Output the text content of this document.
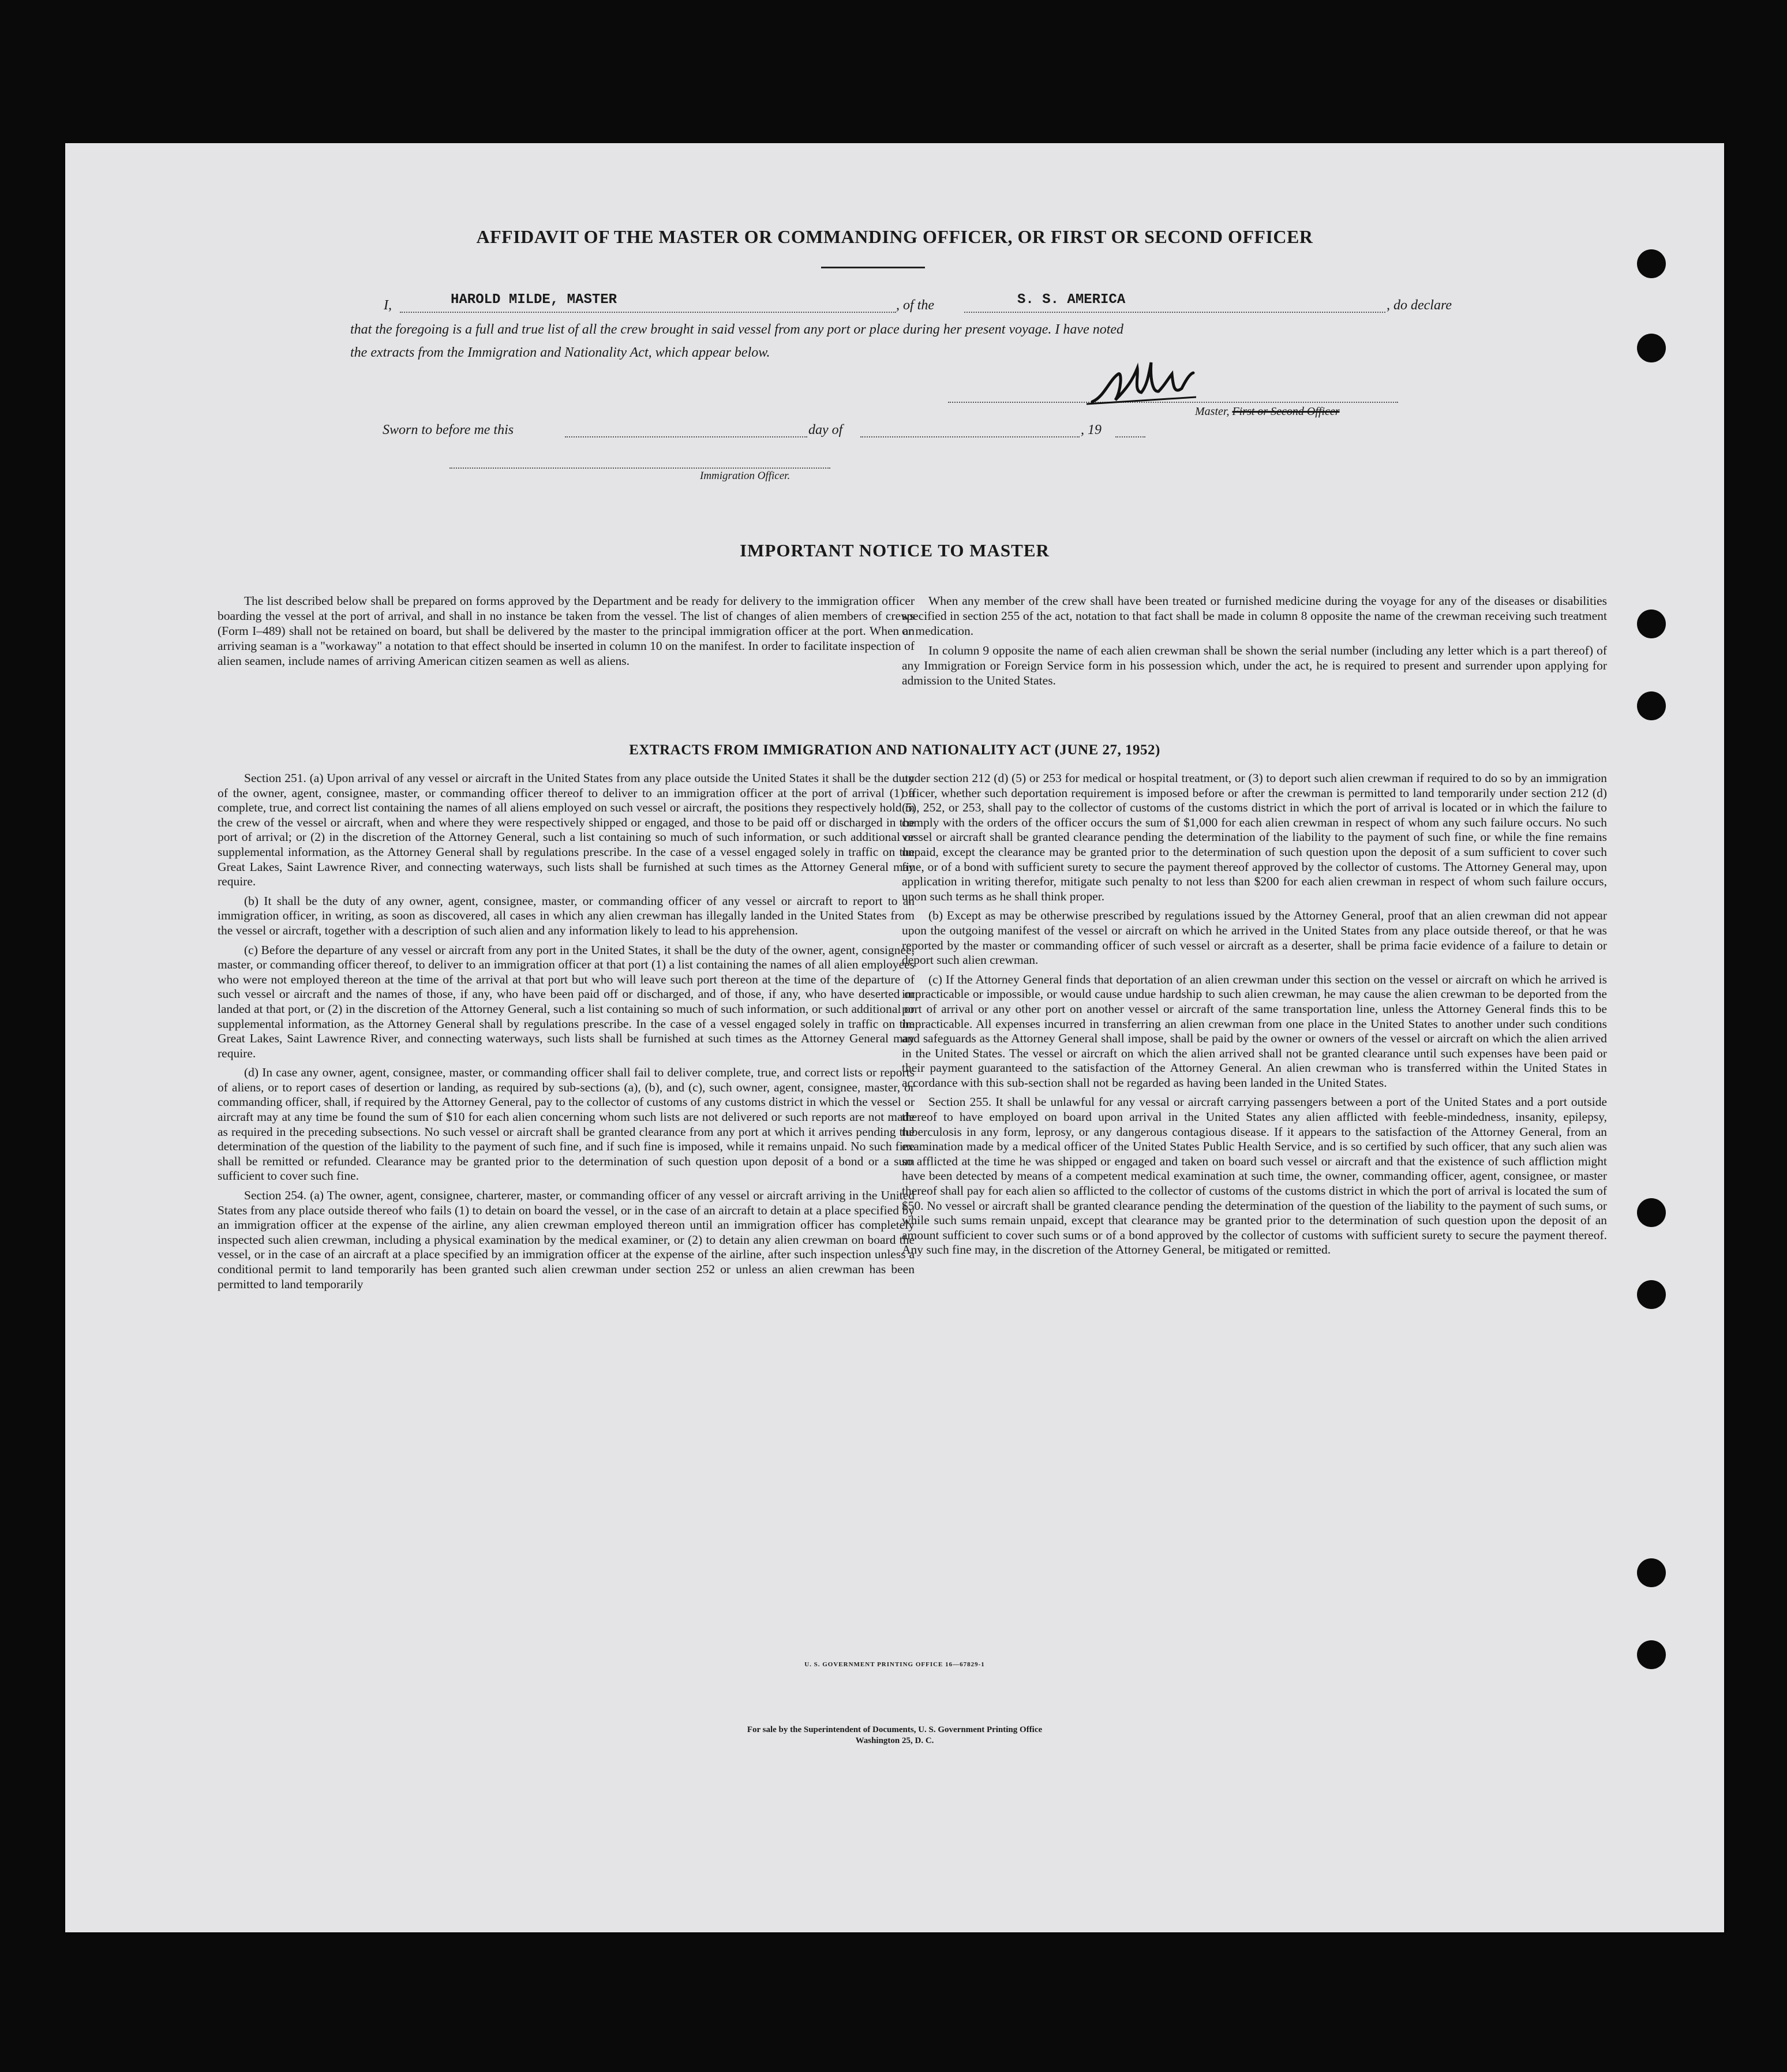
AFFIDAVIT OF THE MASTER OR COMMANDING OFFICER, OR FIRST OR SECOND OFFICER
I,	HAROLD MILDE, MASTER	, of the	S. S. AMERICA	, do declare
that the foregoing is a full and true list of all the crew brought in said vessel from any port or place during her present voyage. I have noted
the extracts from the Immigration and Nationality Act, which appear below.
Master, First or Second Officer
Sworn to before me this	day of	, 19
Immigration Officer.
IMPORTANT NOTICE TO MASTER

The list described below shall be prepared on forms approved by the Department and be ready for delivery to the immigration officer boarding the vessel at the port of arrival, and shall in no instance be taken from the vessel. The list of changes of alien members of crews (Form I–489) shall not be retained on board, but shall be delivered by the master to the principal immigration officer at the port. When an arriving seaman is a "workaway" a notation to that effect should be inserted in column 10 on the manifest. In order to facilitate inspection of alien seamen, include names of arriving American citizen seamen as well as aliens.

When any member of the crew shall have been treated or furnished medicine during the voyage for any of the diseases or disabilities specified in section 255 of the act, notation to that fact shall be made in column 8 opposite the name of the crewman receiving such treatment or medication.

In column 9 opposite the name of each alien crewman shall be shown the serial number (including any letter which is a part thereof) of any Immigration or Foreign Service form in his possession which, under the act, he is required to present and surrender upon applying for admission to the United States.

EXTRACTS FROM IMMIGRATION AND NATIONALITY ACT (JUNE 27, 1952)

Section 251. (a) Upon arrival of any vessel or aircraft in the United States from any place outside the United States it shall be the duty of the owner, agent, consignee, master, or commanding officer thereof to deliver to an immigration officer at the port of arrival (1) a complete, true, and correct list containing the names of all aliens employed on such vessel or aircraft, the positions they respectively hold in the crew of the vessel or aircraft, when and where they were respectively shipped or engaged, and those to be paid off or discharged in the port of arrival; or (2) in the discretion of the Attorney General, such a list containing so much of such information, or such additional or supplemental information, as the Attorney General shall by regulations prescribe. In the case of a vessel engaged solely in traffic on the Great Lakes, Saint Lawrence River, and connecting waterways, such lists shall be furnished at such times as the Attorney General may require.

(b) It shall be the duty of any owner, agent, consignee, master, or commanding officer of any vessel or aircraft to report to an immigration officer, in writing, as soon as discovered, all cases in which any alien crewman has illegally landed in the United States from the vessel or aircraft, together with a description of such alien and any information likely to lead to his apprehension.

(c) Before the departure of any vessel or aircraft from any port in the United States, it shall be the duty of the owner, agent, consignee, master, or commanding officer thereof, to deliver to an immigration officer at that port (1) a list containing the names of all alien employees who were not employed thereon at the time of the arrival at that port but who will leave such port thereon at the time of the departure of such vessel or aircraft and the names of those, if any, who have been paid off or discharged, and of those, if any, who have deserted or landed at that port, or (2) in the discretion of the Attorney General, such a list containing so much of such information, or such additional or supplemental information, as the Attorney General shall by regulations prescribe. In the case of a vessel engaged solely in traffic on the Great Lakes, Saint Lawrence River, and connecting waterways, such lists shall be furnished at such times as the Attorney General may require.

(d) In case any owner, agent, consignee, master, or commanding officer shall fail to deliver complete, true, and correct lists or reports of aliens, or to report cases of desertion or landing, as required by sub-sections (a), (b), and (c), such owner, agent, consignee, master, or commanding officer, shall, if required by the Attorney General, pay to the collector of customs of any customs district in which the vessel or aircraft may at any time be found the sum of $10 for each alien concerning whom such lists are not delivered or such reports are not made as required in the preceding subsections. No such vessel or aircraft shall be granted clearance from any port at which it arrives pending the determination of the question of the liability to the payment of such fine, and if such fine is imposed, while it remains unpaid. No such fine shall be remitted or refunded. Clearance may be granted prior to the determination of such question upon deposit of a bond or a sum sufficient to cover such fine.

Section 254. (a) The owner, agent, consignee, charterer, master, or commanding officer of any vessel or aircraft arriving in the United States from any place outside thereof who fails (1) to detain on board the vessel, or in the case of an aircraft to detain at a place specified by an immigration officer at the expense of the airline, any alien crewman employed thereon until an immigration officer has completely inspected such alien crewman, including a physical examination by the medical examiner, or (2) to detain any alien crewman on board the vessel, or in the case of an aircraft at a place specified by an immigration officer at the expense of the airline, after such inspection unless a conditional permit to land temporarily has been granted such alien crewman under section 252 or unless an alien crewman has been permitted to land temporarily

under section 212 (d) (5) or 253 for medical or hospital treatment, or (3) to deport such alien crewman if required to do so by an immigration officer, whether such deportation requirement is imposed before or after the crewman is permitted to land temporarily under section 212 (d) (5), 252, or 253, shall pay to the collector of customs of the customs district in which the port of arrival is located or in which the failure to comply with the orders of the officer occurs the sum of $1,000 for each alien crewman in respect of whom any such failure occurs. No such vessel or aircraft shall be granted clearance pending the determination of the liability to the payment of such fine, or while the fine remains unpaid, except the clearance may be granted prior to the determination of such question upon the deposit of a sum sufficient to cover such fine, or of a bond with sufficient surety to secure the payment thereof approved by the collector of customs. The Attorney General may, upon application in writing therefor, mitigate such penalty to not less than $200 for each alien crewman in respect of whom such failure occurs, upon such terms as he shall think proper.

(b) Except as may be otherwise prescribed by regulations issued by the Attorney General, proof that an alien crewman did not appear upon the outgoing manifest of the vessel or aircraft on which he arrived in the United States from any place outside thereof, or that he was reported by the master or commanding officer of such vessel or aircraft as a deserter, shall be prima facie evidence of a failure to detain or deport such alien crewman.

(c) If the Attorney General finds that deportation of an alien crewman under this section on the vessel or aircraft on which he arrived is impracticable or impossible, or would cause undue hardship to such alien crewman, he may cause the alien crewman to be deported from the port of arrival or any other port on another vessel or aircraft of the same transportation line, unless the Attorney General finds this to be impracticable. All expenses incurred in transferring an alien crewman from one place in the United States to another under such conditions and safeguards as the Attorney General shall impose, shall be paid by the owner or owners of the vessel or aircraft on which the alien arrived in the United States. The vessel or aircraft on which the alien arrived shall not be granted clearance until such expenses have been paid or their payment guaranteed to the satisfaction of the Attorney General. An alien crewman who is transferred within the United States in accordance with this sub-section shall not be regarded as having been landed in the United States.

Section 255. It shall be unlawful for any vessal or aircraft carrying passengers between a port of the United States and a port outside thereof to have employed on board upon arrival in the United States any alien afflicted with feeble-mindedness, insanity, epilepsy, tuberculosis in any form, leprosy, or any dangerous contagious disease. If it appears to the satisfaction of the Attorney General, from an examination made by a medical officer of the United States Public Health Service, and is so certified by such officer, that any such alien was so afflicted at the time he was shipped or engaged and taken on board such vessel or aircraft and that the existence of such affliction might have been detected by means of a competent medical examination at such time, the owner, commanding officer, agent, consignee, or master thereof shall pay for each alien so afflicted to the collector of customs of the customs district in which the port of arrival is located the sum of $50. No vessel or aircraft shall be granted clearance pending the determination of the question of the liability to the payment of such sums, or while such sums remain unpaid, except that clearance may be granted prior to the determination of such question upon the deposit of an amount sufficient to cover such sums or of a bond approved by the collector of customs with sufficient surety to secure the payment thereof. Any such fine may, in the discretion of the Attorney General, be mitigated or remitted.

U. S. GOVERNMENT PRINTING OFFICE 16—67829-1
For sale by the Superintendent of Documents, U. S. Government Printing Office
Washington 25, D. C.
